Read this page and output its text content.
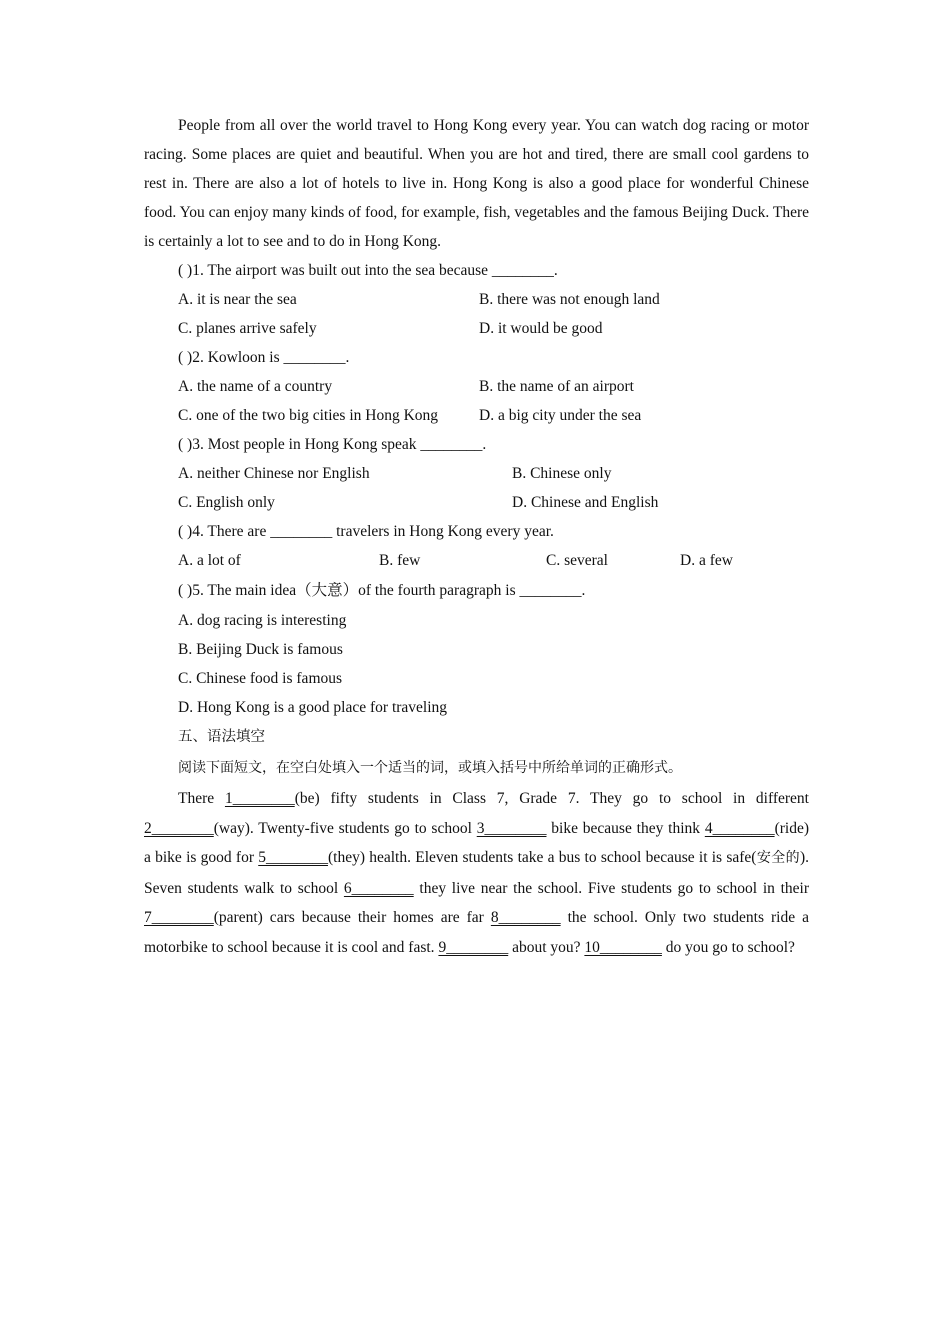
People from all over the world travel to Hong Kong every year. You can watch dog racing or motor racing. Some places are quiet and beautiful. When you are hot and tired, there are small cool gardens to rest in. There are also a lot of hotels to live in. Hong Kong is also a good place for wonderful Chinese food. You can enjoy many kinds of food, for example, fish, vegetables and the famous Beijing Duck. There is certainly a lot to see and to do in Hong Kong.

( )1. The airport was built out into the sea because ________.
A. it is near the sea	B. there was not enough land
C. planes arrive safely	D. it would be good
( )2. Kowloon is ________.
A. the name of a country	B. the name of an airport
C. one of the two big cities in Hong Kong	D. a big city under the sea
( )3. Most people in Hong Kong speak ________.
A. neither Chinese nor English	B. Chinese only
C. English only	D. Chinese and English
( )4. There are ________ travelers in Hong Kong every year.
A. a lot of	B. few	C. several	D. a few
( )5. The main idea（大意）of the fourth paragraph is ________.
A. dog racing is interesting
B. Beijing Duck is famous
C. Chinese food is famous
D. Hong Kong is a good place for traveling
五、语法填空
阅读下面短文，在空白处填入一个适当的词，或填入括号中所给单词的正确形式。

There 1________(be) fifty students in Class 7, Grade 7. They go to school in different 2________(way). Twenty-five students go to school 3________ bike because they think 4________(ride) a bike is good for 5________(they) health. Eleven students take a bus to school because it is safe(安全的). Seven students walk to school 6________ they live near the school. Five students go to school in their 7________(parent) cars because their homes are far 8________ the school. Only two students ride a motorbike to school because it is cool and fast. 9________ about you? 10________ do you go to school?
